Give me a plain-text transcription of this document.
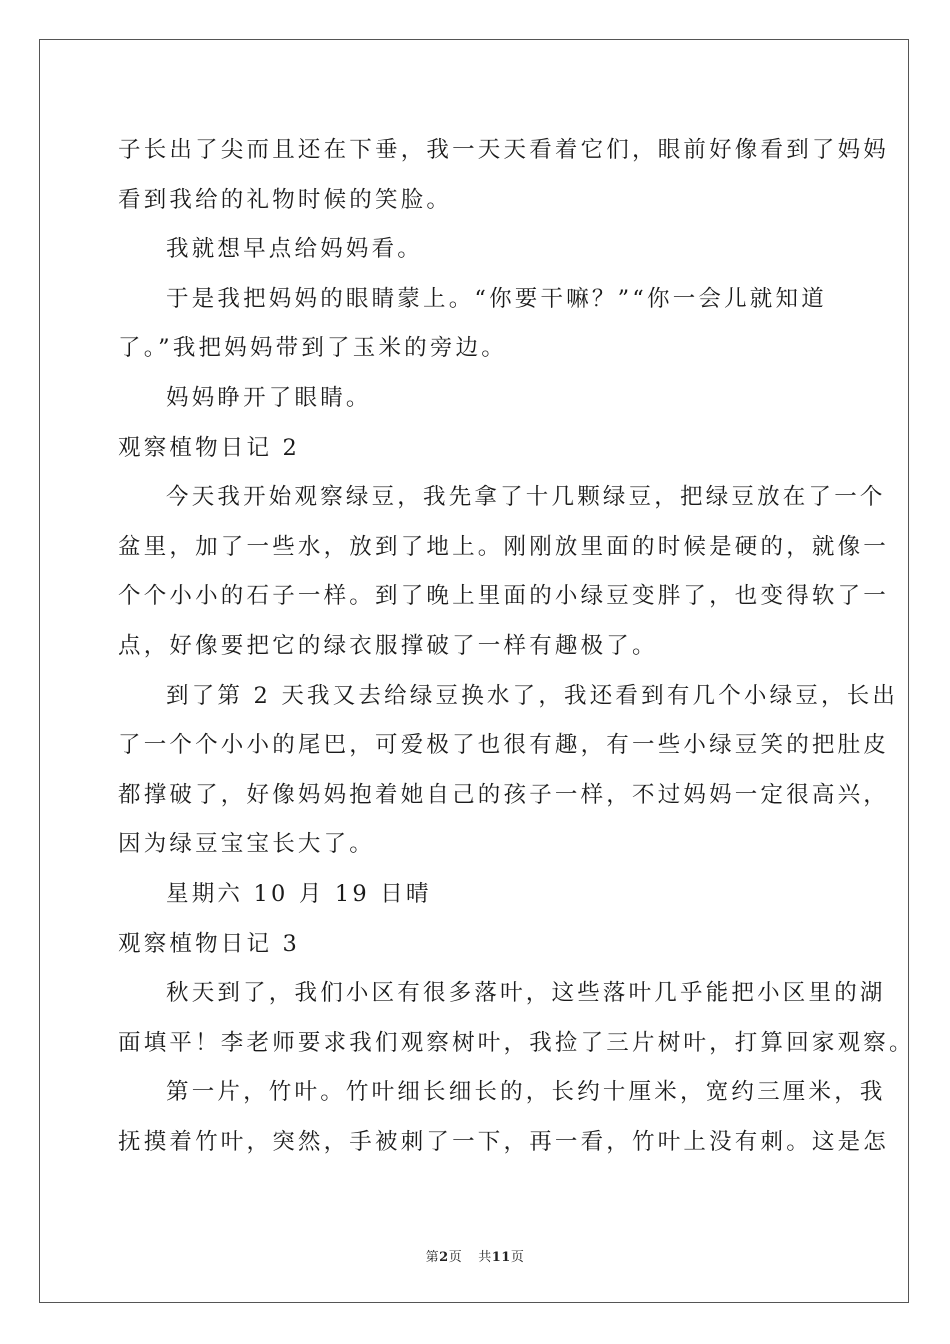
子长出了尖而且还在下垂，我一天天看着它们，眼前好像看到了妈妈
看到我给的礼物时候的笑脸。
我就想早点给妈妈看。
于是我把妈妈的眼睛蒙上。“你要干嘛？”“你一会儿就知道
了。”我把妈妈带到了玉米的旁边。
妈妈睁开了眼睛。
观察植物日记 2
今天我开始观察绿豆，我先拿了十几颗绿豆，把绿豆放在了一个
盆里，加了一些水，放到了地上。刚刚放里面的时候是硬的，就像一
个个小小的石子一样。到了晚上里面的小绿豆变胖了，也变得软了一
点，好像要把它的绿衣服撑破了一样有趣极了。
到了第 2 天我又去给绿豆换水了，我还看到有几个小绿豆，长出
了一个个小小的尾巴，可爱极了也很有趣，有一些小绿豆笑的把肚皮
都撑破了，好像妈妈抱着她自己的孩子一样，不过妈妈一定很高兴，
因为绿豆宝宝长大了。
星期六 10 月 19 日晴
观察植物日记 3
秋天到了，我们小区有很多落叶，这些落叶几乎能把小区里的湖
面填平！李老师要求我们观察树叶，我捡了三片树叶，打算回家观察。
第一片，竹叶。竹叶细长细长的，长约十厘米，宽约三厘米，我
抚摸着竹叶，突然，手被刺了一下，再一看，竹叶上没有刺。这是怎
第2页 共11页
